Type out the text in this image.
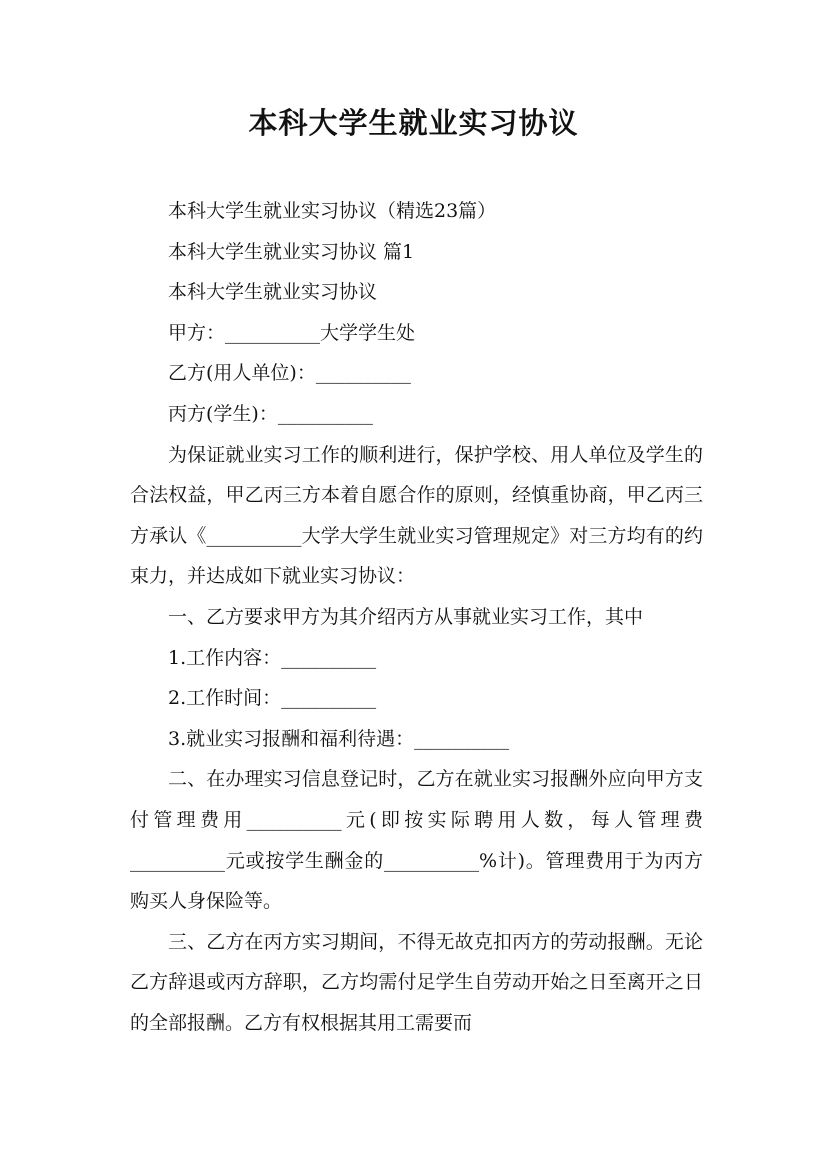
本科大学生就业实习协议

本科大学生就业实习协议（精选23篇）

本科大学生就业实习协议 篇1

本科大学生就业实习协议

甲方：__________大学学生处

乙方(用人单位)：__________

丙方(学生)：__________

为保证就业实习工作的顺利进行，保护学校、用人单位及学生的合法权益，甲乙丙三方本着自愿合作的原则，经慎重协商，甲乙丙三方承认《__________大学大学生就业实习管理规定》对三方均有的约束力，并达成如下就业实习协议：

一、乙方要求甲方为其介绍丙方从事就业实习工作，其中

1.工作内容：__________

2.工作时间：__________

3.就业实习报酬和福利待遇：__________

二、在办理实习信息登记时，乙方在就业实习报酬外应向甲方支付管理费用__________元(即按实际聘用人数，每人管理费__________元或按学生酬金的__________%计)。管理费用于为丙方购买人身保险等。

三、乙方在丙方实习期间，不得无故克扣丙方的劳动报酬。无论乙方辞退或丙方辞职，乙方均需付足学生自劳动开始之日至离开之日的全部报酬。乙方有权根据其用工需要而
